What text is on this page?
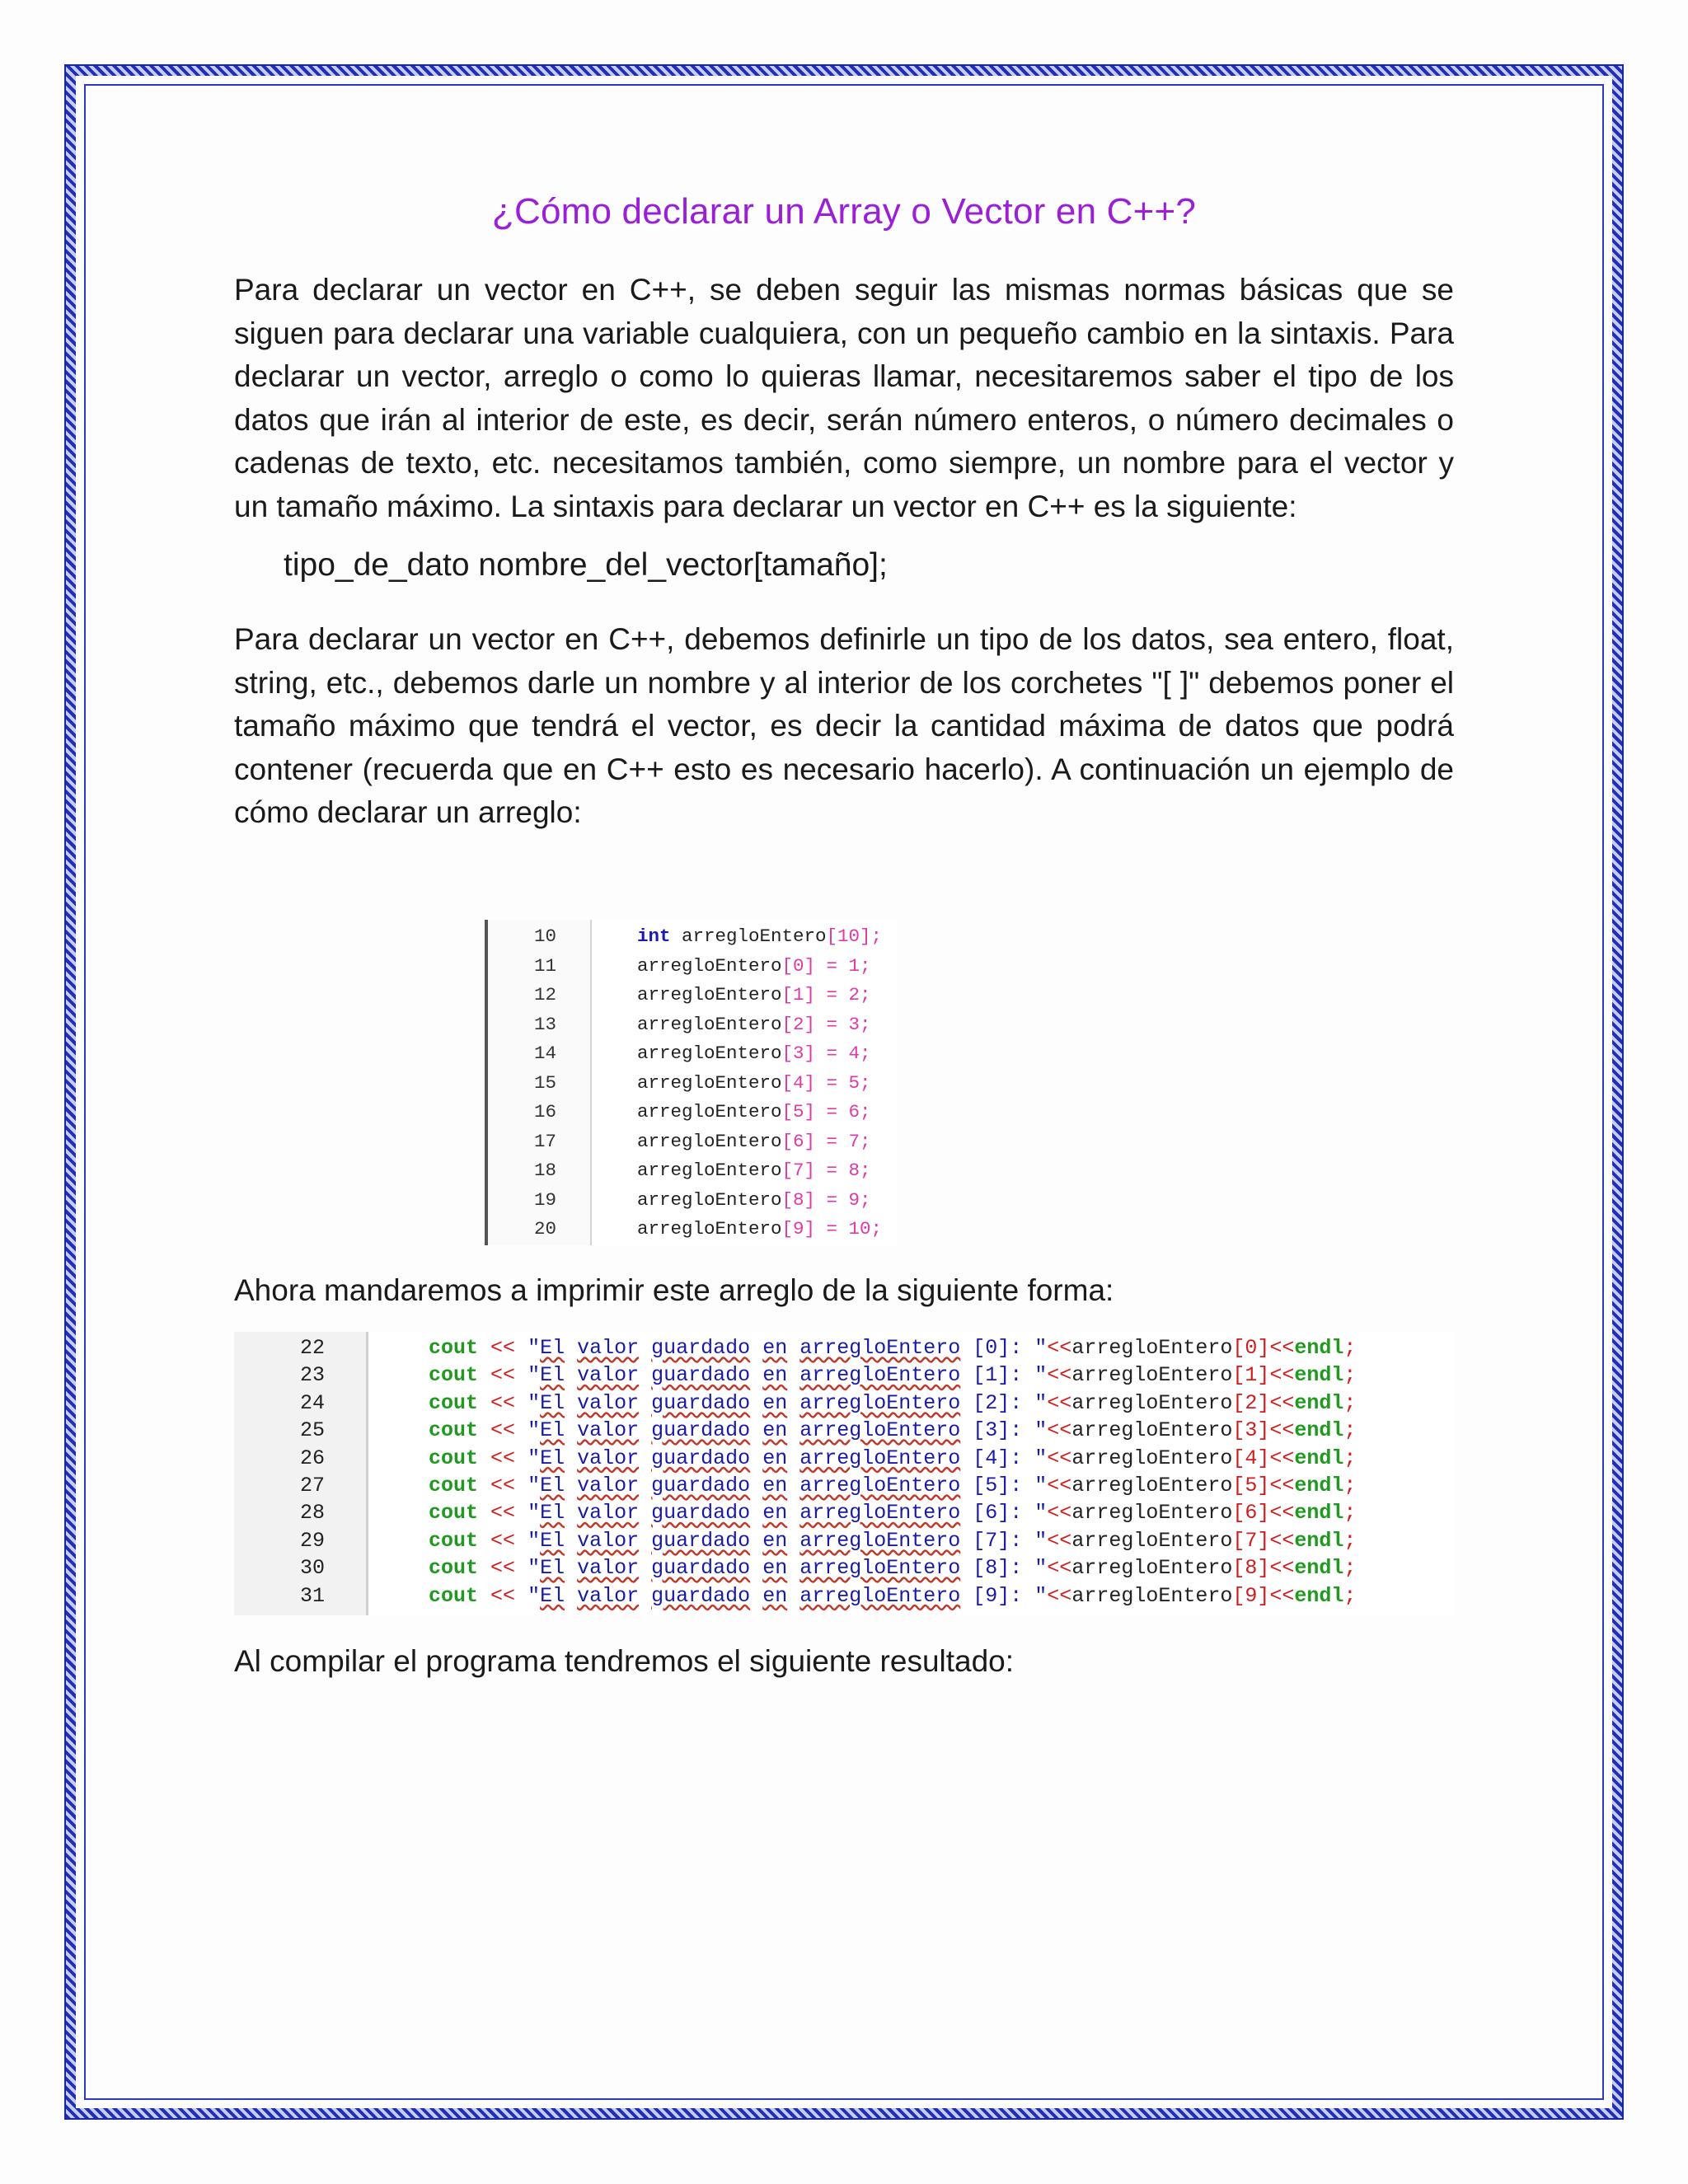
¿Cómo declarar un Array o Vector en C++?

Para declarar un vector en C++, se deben seguir las mismas normas básicas que se siguen para declarar una variable cualquiera, con un pequeño cambio en la sintaxis. Para declarar un vector, arreglo o como lo quieras llamar, necesitaremos saber el tipo de los datos que irán al interior de este, es decir, serán número enteros, o número decimales o cadenas de texto, etc. necesitamos también, como siempre, un nombre para el vector y un tamaño máximo. La sintaxis para declarar un vector en C++ es la siguiente:

tipo_de_dato nombre_del_vector[tamaño];

Para declarar un vector en C++, debemos definirle un tipo de los datos, sea entero, float, string, etc., debemos darle un nombre y al interior de los corchetes "[ ]" debemos poner el tamaño máximo que tendrá el vector, es decir la cantidad máxima de datos que podrá contener (recuerda que en C++ esto es necesario hacerlo). A continuación un ejemplo de cómo declarar un arreglo:

10	int arregloEntero[10];
11	arregloEntero[0] = 1;
12	arregloEntero[1] = 2;
13	arregloEntero[2] = 3;
14	arregloEntero[3] = 4;
15	arregloEntero[4] = 5;
16	arregloEntero[5] = 6;
17	arregloEntero[6] = 7;
18	arregloEntero[7] = 8;
19	arregloEntero[8] = 9;
20	arregloEntero[9] = 10;

Ahora mandaremos a imprimir este arreglo de la siguiente forma:

22	cout << "El valor guardado en arregloEntero [0]: "<<arregloEntero[0]<<endl;
23	cout << "El valor guardado en arregloEntero [1]: "<<arregloEntero[1]<<endl;
24	cout << "El valor guardado en arregloEntero [2]: "<<arregloEntero[2]<<endl;
25	cout << "El valor guardado en arregloEntero [3]: "<<arregloEntero[3]<<endl;
26	cout << "El valor guardado en arregloEntero [4]: "<<arregloEntero[4]<<endl;
27	cout << "El valor guardado en arregloEntero [5]: "<<arregloEntero[5]<<endl;
28	cout << "El valor guardado en arregloEntero [6]: "<<arregloEntero[6]<<endl;
29	cout << "El valor guardado en arregloEntero [7]: "<<arregloEntero[7]<<endl;
30	cout << "El valor guardado en arregloEntero [8]: "<<arregloEntero[8]<<endl;
31	cout << "El valor guardado en arregloEntero [9]: "<<arregloEntero[9]<<endl;

Al compilar el programa tendremos el siguiente resultado:
